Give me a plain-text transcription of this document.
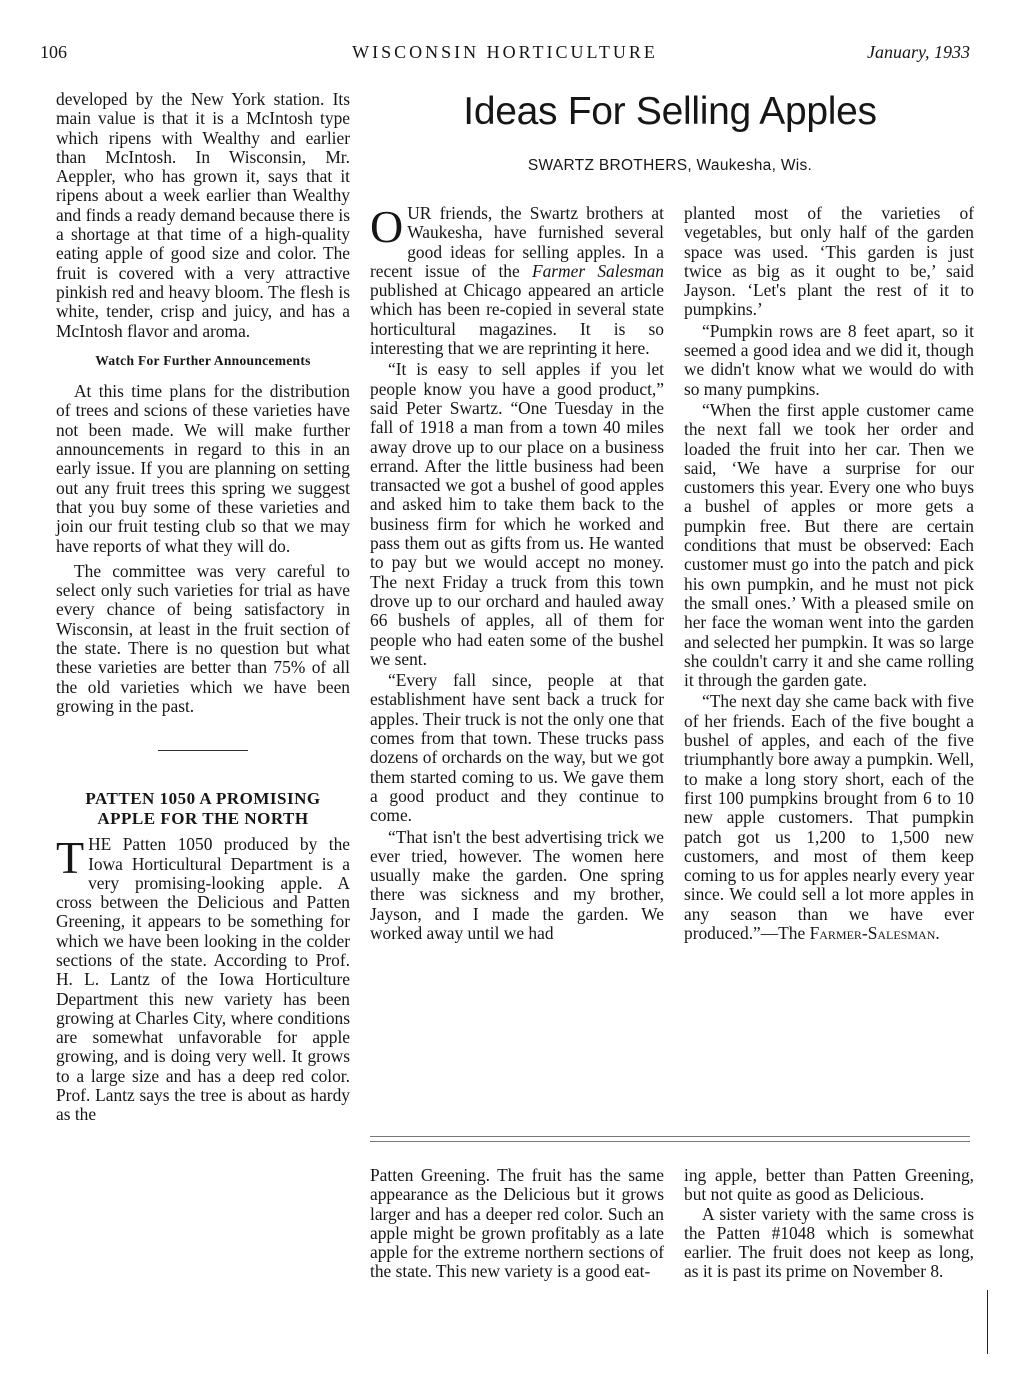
106	WISCONSIN HORTICULTURE	January, 1933

developed by the New York station. Its main value is that it is a McIntosh type which ripens with Wealthy and earlier than McIntosh. In Wisconsin, Mr. Aeppler, who has grown it, says that it ripens about a week earlier than Wealthy and finds a ready demand because there is a shortage at that time of a high-quality eating apple of good size and color. The fruit is covered with a very attractive pinkish red and heavy bloom. The flesh is white, tender, crisp and juicy, and has a McIntosh flavor and aroma.

Watch For Further Announcements

At this time plans for the distribution of trees and scions of these varieties have not been made. We will make further announcements in regard to this in an early issue. If you are planning on setting out any fruit trees this spring we suggest that you buy some of these varieties and join our fruit testing club so that we may have reports of what they will do.

The committee was very careful to select only such varieties for trial as have every chance of being satisfactory in Wisconsin, at least in the fruit section of the state. There is no question but what these varieties are better than 75% of all the old varieties which we have been growing in the past.

PATTEN 1050 A PROMISING APPLE FOR THE NORTH

THE Patten 1050 produced by the Iowa Horticultural Department is a very promising-looking apple. A cross between the Delicious and Patten Greening, it appears to be something for which we have been looking in the colder sections of the state. According to Prof. H. L. Lantz of the Iowa Horticulture Department this new variety has been growing at Charles City, where conditions are somewhat unfavorable for apple growing, and is doing very well. It grows to a large size and has a deep red color. Prof. Lantz says the tree is about as hardy as the

Ideas For Selling Apples
SWARTZ BROTHERS, Waukesha, Wis.

OUR friends, the Swartz brothers at Waukesha, have furnished several good ideas for selling apples. In a recent issue of the Farmer Salesman published at Chicago appeared an article which has been re-copied in several state horticultural magazines. It is so interesting that we are reprinting it here.

“It is easy to sell apples if you let people know you have a good product,” said Peter Swartz. “One Tuesday in the fall of 1918 a man from a town 40 miles away drove up to our place on a business errand. After the little business had been transacted we got a bushel of good apples and asked him to take them back to the business firm for which he worked and pass them out as gifts from us. He wanted to pay but we would accept no money. The next Friday a truck from this town drove up to our orchard and hauled away 66 bushels of apples, all of them for people who had eaten some of the bushel we sent.

“Every fall since, people at that establishment have sent back a truck for apples. Their truck is not the only one that comes from that town. These trucks pass dozens of orchards on the way, but we got them started coming to us. We gave them a good product and they continue to come.

“That isn't the best advertising trick we ever tried, however. The women here usually make the garden. One spring there was sickness and my brother, Jayson, and I made the garden. We worked away until we had

planted most of the varieties of vegetables, but only half of the garden space was used. ‘This garden is just twice as big as it ought to be,’ said Jayson. ‘Let's plant the rest of it to pumpkins.’

“Pumpkin rows are 8 feet apart, so it seemed a good idea and we did it, though we didn't know what we would do with so many pumpkins.

“When the first apple customer came the next fall we took her order and loaded the fruit into her car. Then we said, ‘We have a surprise for our customers this year. Every one who buys a bushel of apples or more gets a pumpkin free. But there are certain conditions that must be observed: Each customer must go into the patch and pick his own pumpkin, and he must not pick the small ones.’ With a pleased smile on her face the woman went into the garden and selected her pumpkin. It was so large she couldn't carry it and she came rolling it through the garden gate.

“The next day she came back with five of her friends. Each of the five bought a bushel of apples, and each of the five triumphantly bore away a pumpkin. Well, to make a long story short, each of the first 100 pumpkins brought from 6 to 10 new apple customers. That pumpkin patch got us 1,200 to 1,500 new customers, and most of them keep coming to us for apples nearly every year since. We could sell a lot more apples in any season than we have ever produced.”—The Farmer-Salesman.

Patten Greening. The fruit has the same appearance as the Delicious but it grows larger and has a deeper red color. Such an apple might be grown profitably as a late apple for the extreme northern sections of the state. This new variety is a good eat-

ing apple, better than Patten Greening, but not quite as good as Delicious.

A sister variety with the same cross is the Patten #1048 which is somewhat earlier. The fruit does not keep as long, as it is past its prime on November 8.
